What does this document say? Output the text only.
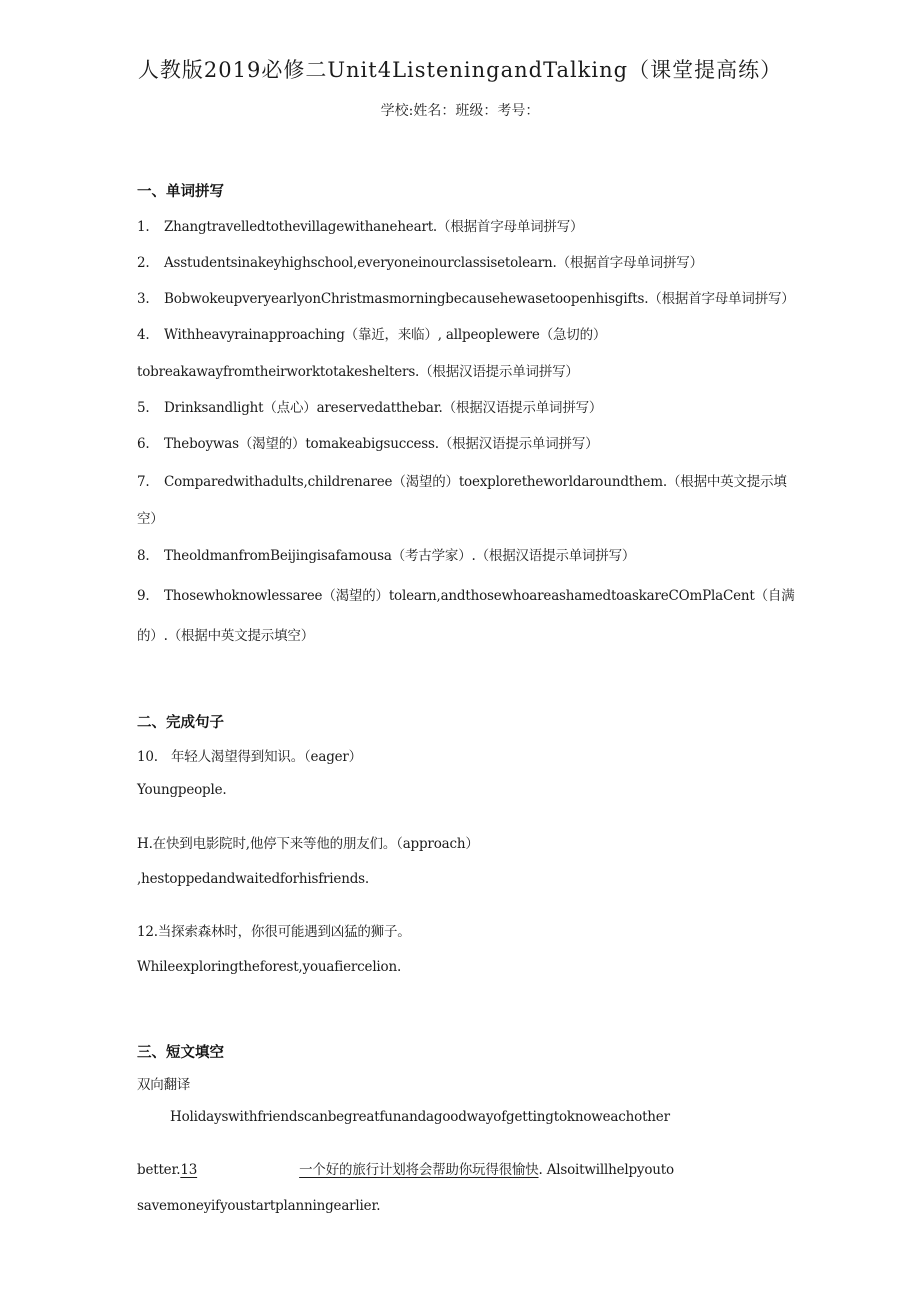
人教版2019必修二Unit4ListeningandTalking（课堂提高练）
学校:姓名：班级：考号：
一、单词拼写
1. Zhangtravelledtothevillagewithaneheart.（根据首字母单词拼写）
2. Asstudentsinakeyhighschool,everyoneinourclassisetolearn.（根据首字母单词拼写）
3. BobwokeupveryearlyonChristmasmorningbecausehewasetoopenhisgifts.（根据首字母单词拼写）
4. Withheavyrainapproaching（靠近，来临）, allpeoplewere（急切的）
tobreakawayfromtheirworktotakeshelters.（根据汉语提示单词拼写）
5. Drinksandlight（点心）areservedatthebar.（根据汉语提示单词拼写）
6. Theboywas（渴望的）tomakeabigsuccess.（根据汉语提示单词拼写）
7. Comparedwithadults,childrenaree（渴望的）toexploretheworldaroundthem.（根据中英文提示填
空）
8. TheoldmanfromBeijingisafamousa（考古学家）.（根据汉语提示单词拼写）
9. Thosewhoknowlessaree（渴望的）tolearn,andthosewhoareashamedtoaskareCOmPlaCent（自满
的）.（根据中英文提示填空）
二、完成句子
10. 年轻人渴望得到知识。（eager）
Youngpeople.
H.在快到电影院时,他停下来等他的朋友们。（approach）
,hestoppedandwaitedforhisfriends.
12.当探索森林时，你很可能遇到凶猛的狮子。
Whileexploringtheforest,youafiercelion.
三、短文填空
双向翻译
Holidayswithfriendscanbegreatfunandagoodwayofgettingtoknoweachother
better.13	一个好的旅行计划将会帮助你玩得很愉快. Alsoitwillhelpyouto
savemoneyifyoustartplanningearlier.
